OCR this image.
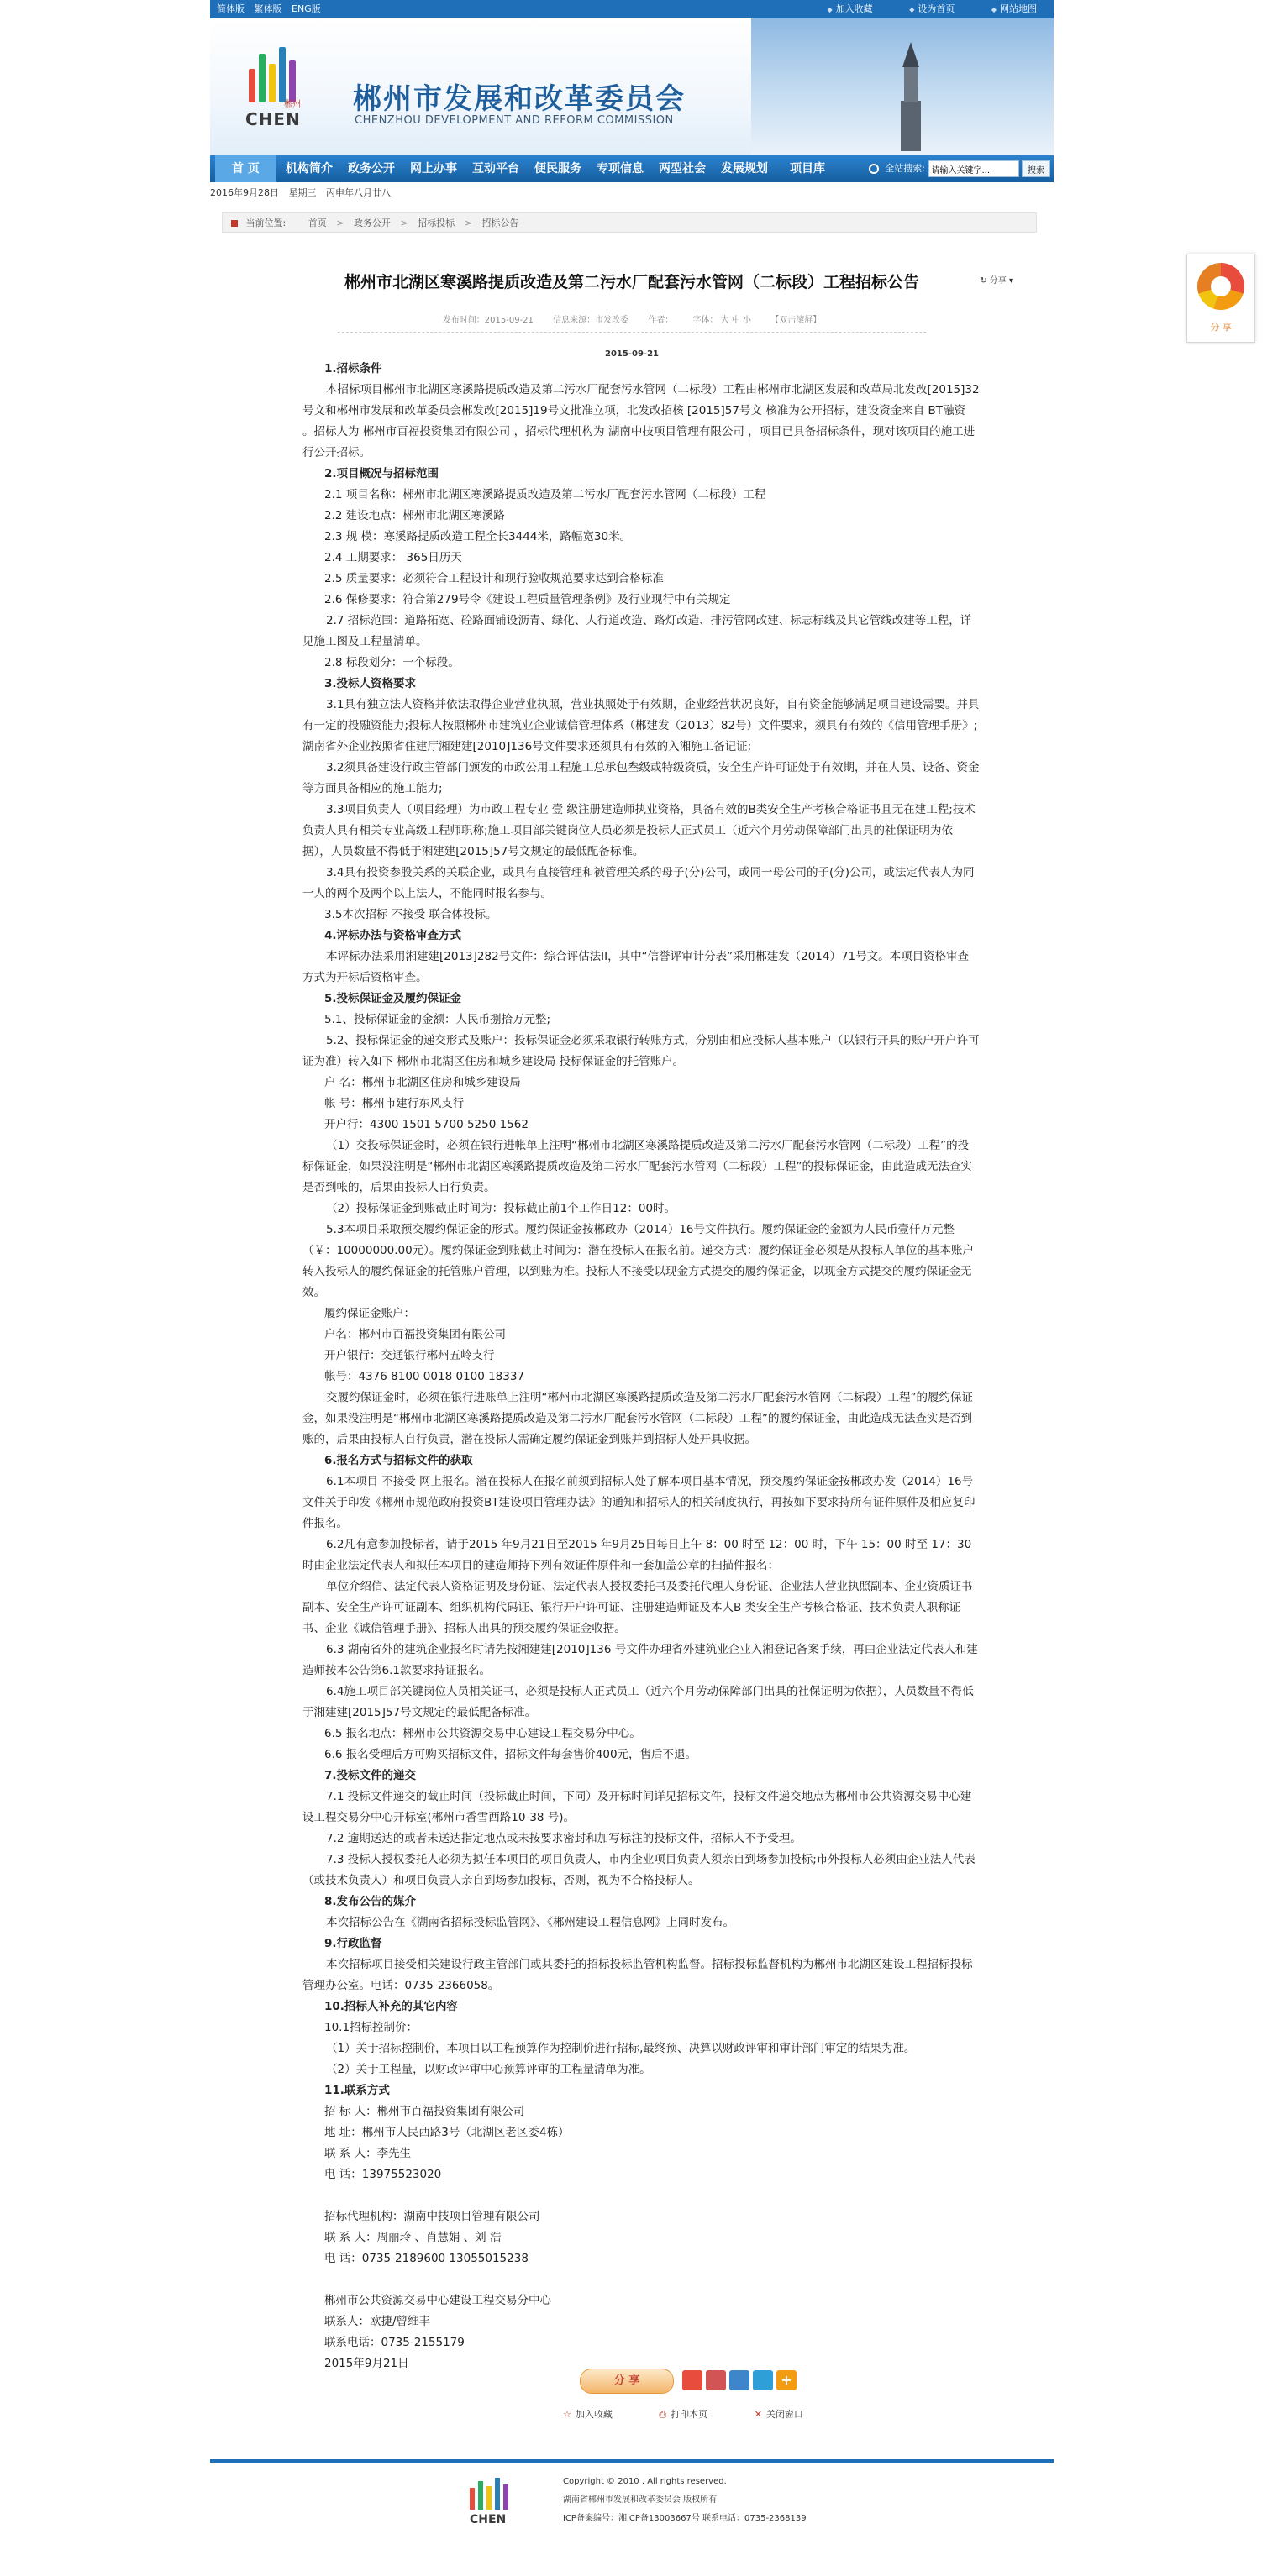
简体版 繁体版 ENG版	◆ 加入收藏	◆ 设为首页	◆ 网站地图
郴州
CHEN
郴州市发展和改革委员会
CHENZHOU DEVELOPMENT AND REFORM COMMISSION
首 页	机构简介 政务公开 网上办事 互动平台 便民服务 专项信息 两型社会 发展规划 项目库	全站搜索: 请输入关键字...	搜索
2016年9月28日 星期三 丙申年八月廿八
当前位置: 首页 > 政务公开 > 招标投标 > 招标公告
郴州市北湖区寒溪路提质改造及第二污水厂配套污水管网（二标段）工程招标公告	↻ 分享 ▾
发布时间：2015-09-21 信息来源：市发改委 作者： 字体： 大 中 小 【双击滚屏】
2015-09-21

1.招标条件

本招标项目郴州市北湖区寒溪路提质改造及第二污水厂配套污水管网（二标段）工程由郴州市北湖区发展和改革局北发改[2015]32号文和郴州市发展和改革委员会郴发改[2015]19号文批准立项，北发改招核 [2015]57号文 核准为公开招标，建设资金来自 BT融资 。招标人为 郴州市百福投资集团有限公司 ，招标代理机构为 湖南中技项目管理有限公司 ，项目已具备招标条件，现对该项目的施工进行公开招标。

2.项目概况与招标范围

2.1 项目名称：郴州市北湖区寒溪路提质改造及第二污水厂配套污水管网（二标段）工程

2.2 建设地点：郴州市北湖区寒溪路

2.3 规 模：寒溪路提质改造工程全长3444米，路幅宽30米。

2.4 工期要求： 365日历天

2.5 质量要求：必须符合工程设计和现行验收规范要求达到合格标准

2.6 保修要求：符合第279号令《建设工程质量管理条例》及行业现行中有关规定

2.7 招标范围：道路拓宽、砼路面铺设沥青、绿化、人行道改造、路灯改造、排污管网改建、标志标线及其它管线改建等工程，详见施工图及工程量清单。

2.8 标段划分：一个标段。

3.投标人资格要求

3.1具有独立法人资格并依法取得企业营业执照，营业执照处于有效期，企业经营状况良好，自有资金能够满足项目建设需要。并具有一定的投融资能力;投标人按照郴州市建筑业企业诚信管理体系（郴建发（2013）82号）文件要求，须具有有效的《信用管理手册》;湖南省外企业按照省住建厅湘建建[2010]136号文件要求还须具有有效的入湘施工备记证;

3.2须具备建设行政主管部门颁发的市政公用工程施工总承包叁级或特级资质，安全生产许可证处于有效期，并在人员、设备、资金等方面具备相应的施工能力;

3.3项目负责人（项目经理）为市政工程专业 壹 级注册建造师执业资格，具备有效的B类安全生产考核合格证书且无在建工程;技术负责人具有相关专业高级工程师职称;施工项目部关键岗位人员必须是投标人正式员工（近六个月劳动保障部门出具的社保证明为依据），人员数量不得低于湘建建[2015]57号文规定的最低配备标准。

3.4具有投资参股关系的关联企业，或具有直接管理和被管理关系的母子(分)公司，或同一母公司的子(分)公司，或法定代表人为同一人的两个及两个以上法人，不能同时报名参与。

3.5本次招标 不接受 联合体投标。

4.评标办法与资格审查方式

本评标办法采用湘建建[2013]282号文件：综合评估法II，其中“信誉评审计分表”采用郴建发（2014）71号文。本项目资格审查方式为开标后资格审查。

5.投标保证金及履约保证金

5.1、投标保证金的金额：人民币捌拾万元整;

5.2、投标保证金的递交形式及账户：投标保证金必须采取银行转账方式，分别由相应投标人基本账户（以银行开具的账户开户许可证为准）转入如下 郴州市北湖区住房和城乡建设局 投标保证金的托管账户。

户 名：郴州市北湖区住房和城乡建设局

帐 号：郴州市建行东风支行

开户行：4300 1501 5700 5250 1562

（1）交投标保证金时，必须在银行进帐单上注明“郴州市北湖区寒溪路提质改造及第二污水厂配套污水管网（二标段）工程”的投标保证金，如果没注明是“郴州市北湖区寒溪路提质改造及第二污水厂配套污水管网（二标段）工程”的投标保证金，由此造成无法查实是否到帐的，后果由投标人自行负责。

（2）投标保证金到账截止时间为：投标截止前1个工作日12：00时。

5.3本项目采取预交履约保证金的形式。履约保证金按郴政办（2014）16号文件执行。履约保证金的金额为人民币壹仟万元整（￥：10000000.00元）。履约保证金到账截止时间为：潜在投标人在报名前。递交方式：履约保证金必须是从投标人单位的基本账户转入投标人的履约保证金的托管账户管理，以到账为准。投标人不接受以现金方式提交的履约保证金，以现金方式提交的履约保证金无效。

履约保证金账户：

户名：郴州市百福投资集团有限公司

开户银行：交通银行郴州五岭支行

帐号：4376 8100 0018 0100 18337

交履约保证金时，必须在银行进账单上注明“郴州市北湖区寒溪路提质改造及第二污水厂配套污水管网（二标段）工程”的履约保证金，如果没注明是“郴州市北湖区寒溪路提质改造及第二污水厂配套污水管网（二标段）工程”的履约保证金，由此造成无法查实是否到账的，后果由投标人自行负责，潜在投标人需确定履约保证金到账并到招标人处开具收据。

6.报名方式与招标文件的获取

6.1本项目 不接受 网上报名。潜在投标人在报名前须到招标人处了解本项目基本情况，预交履约保证金按郴政办发（2014）16号文件关于印发《郴州市规范政府投资BT建设项目管理办法》的通知和招标人的相关制度执行，再按如下要求持所有证件原件及相应复印件报名。

6.2凡有意参加投标者，请于2015 年9月21日至2015 年9月25日每日上午 8：00 时至 12：00 时，下午 15：00 时至 17：30 时由企业法定代表人和拟任本项目的建造师持下列有效证件原件和一套加盖公章的扫描件报名：

单位介绍信、法定代表人资格证明及身份证、法定代表人授权委托书及委托代理人身份证、企业法人营业执照副本、企业资质证书副本、安全生产许可证副本、组织机构代码证、银行开户许可证、注册建造师证及本人B 类安全生产考核合格证、技术负责人职称证书、企业《诚信管理手册》、招标人出具的预交履约保证金收据。

6.3 湖南省外的建筑企业报名时请先按湘建建[2010]136 号文件办理省外建筑业企业入湘登记备案手续，再由企业法定代表人和建造师按本公告第6.1款要求持证报名。

6.4施工项目部关键岗位人员相关证书，必须是投标人正式员工（近六个月劳动保障部门出具的社保证明为依据），人员数量不得低于湘建建[2015]57号文规定的最低配备标准。

6.5 报名地点：郴州市公共资源交易中心建设工程交易分中心。

6.6 报名受理后方可购买招标文件，招标文件每套售价400元，售后不退。

7.投标文件的递交

7.1 投标文件递交的截止时间（投标截止时间，下同）及开标时间详见招标文件，投标文件递交地点为郴州市公共资源交易中心建设工程交易分中心开标室(郴州市香雪西路10-38 号)。

7.2 逾期送达的或者未送达指定地点或未按要求密封和加写标注的投标文件，招标人不予受理。

7.3 投标人授权委托人必须为拟任本项目的项目负责人，市内企业项目负责人须亲自到场参加投标;市外投标人必须由企业法人代表（或技术负责人）和项目负责人亲自到场参加投标，否则，视为不合格投标人。

8.发布公告的媒介

本次招标公告在《湖南省招标投标监管网》、《郴州建设工程信息网》上同时发布。

9.行政监督

本次招标项目接受相关建设行政主管部门或其委托的招标投标监管机构监督。招标投标监督机构为郴州市北湖区建设工程招标投标管理办公室。电话：0735-2366058。

10.招标人补充的其它内容

10.1招标控制价：

（1）关于招标控制价，本项目以工程预算作为控制价进行招标,最终预、决算以财政评审和审计部门审定的结果为准。

（2）关于工程量，以财政评审中心预算评审的工程量清单为准。

11.联系方式

招 标 人：郴州市百福投资集团有限公司

地 址：郴州市人民西路3号（北湖区老区委4栋）

联 系 人：李先生

电 话：13975523020

招标代理机构：湖南中技项目管理有限公司

联 系 人：周丽玲 、肖慧娟 、刘 浩

电 话：0735-2189600 13055015238

郴州市公共资源交易中心建设工程交易分中心

联系人：欧捷/曾维丰

联系电话：0735-2155179

2015年9月21日

分 享	+
☆ 加入收藏	⎙ 打印本页	✕ 关闭窗口
CHEN
Copyright © 2010 . All rights reserved.
湖南省郴州市发展和改革委员会 版权所有
ICP备案编号：湘ICP备13003667号 联系电话：0735-2368139
分 享
